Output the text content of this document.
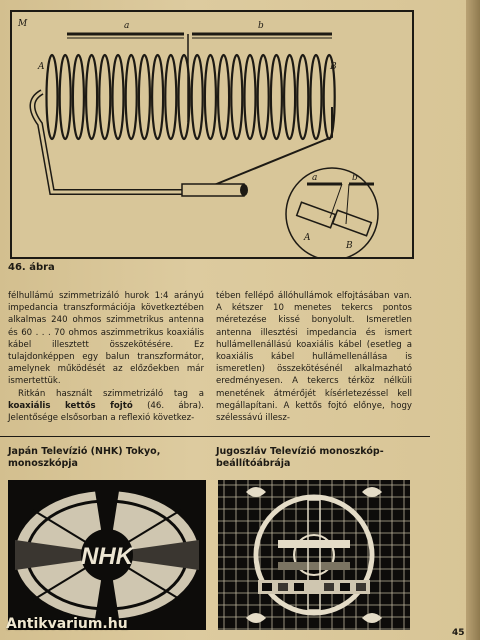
M	a	b
A	B
a	b
A
B
46. ábra

félhullámú szimmetrizáló hurok 1:4 arányú impedancia transzformációja következtében alkalmas 240 ohmos szimmetrikus antenna és 60 . . . 70 ohmos aszimmetrikus koaxiális kábel illesztett összekötésére. Ez tulajdonképpen egy balun transzformátor, amelynek működését az előzőekben már ismertettük.

Ritkán használt szimmetrizáló tag a koaxiális kettős fojtó (46. ábra). Jelentősége elsősorban a reflexió következ-

tében fellépő állóhullámok elfojtásában van. A kétszer 10 menetes tekercs pontos méretezése kissé bonyolult. Ismeretlen antenna illesztési impedancia és ismert hullámellenállású koaxiális kábel (esetleg a koaxiális kábel hullámellenállása is ismeretlen) összekötésénél alkalmazható eredményesen. A tekercs térköz nélküli menetének átmérőjét kísérletezéssel kell megállapítani. A kettős fojtó előnye, hogy szélessávú illesz-

Japán Televízió (NHK) Tokyo, monoszkópja
Jugoszláv Televízió monoszkóp-beállítóábrája
NHK
Antikvarium.hu
45
